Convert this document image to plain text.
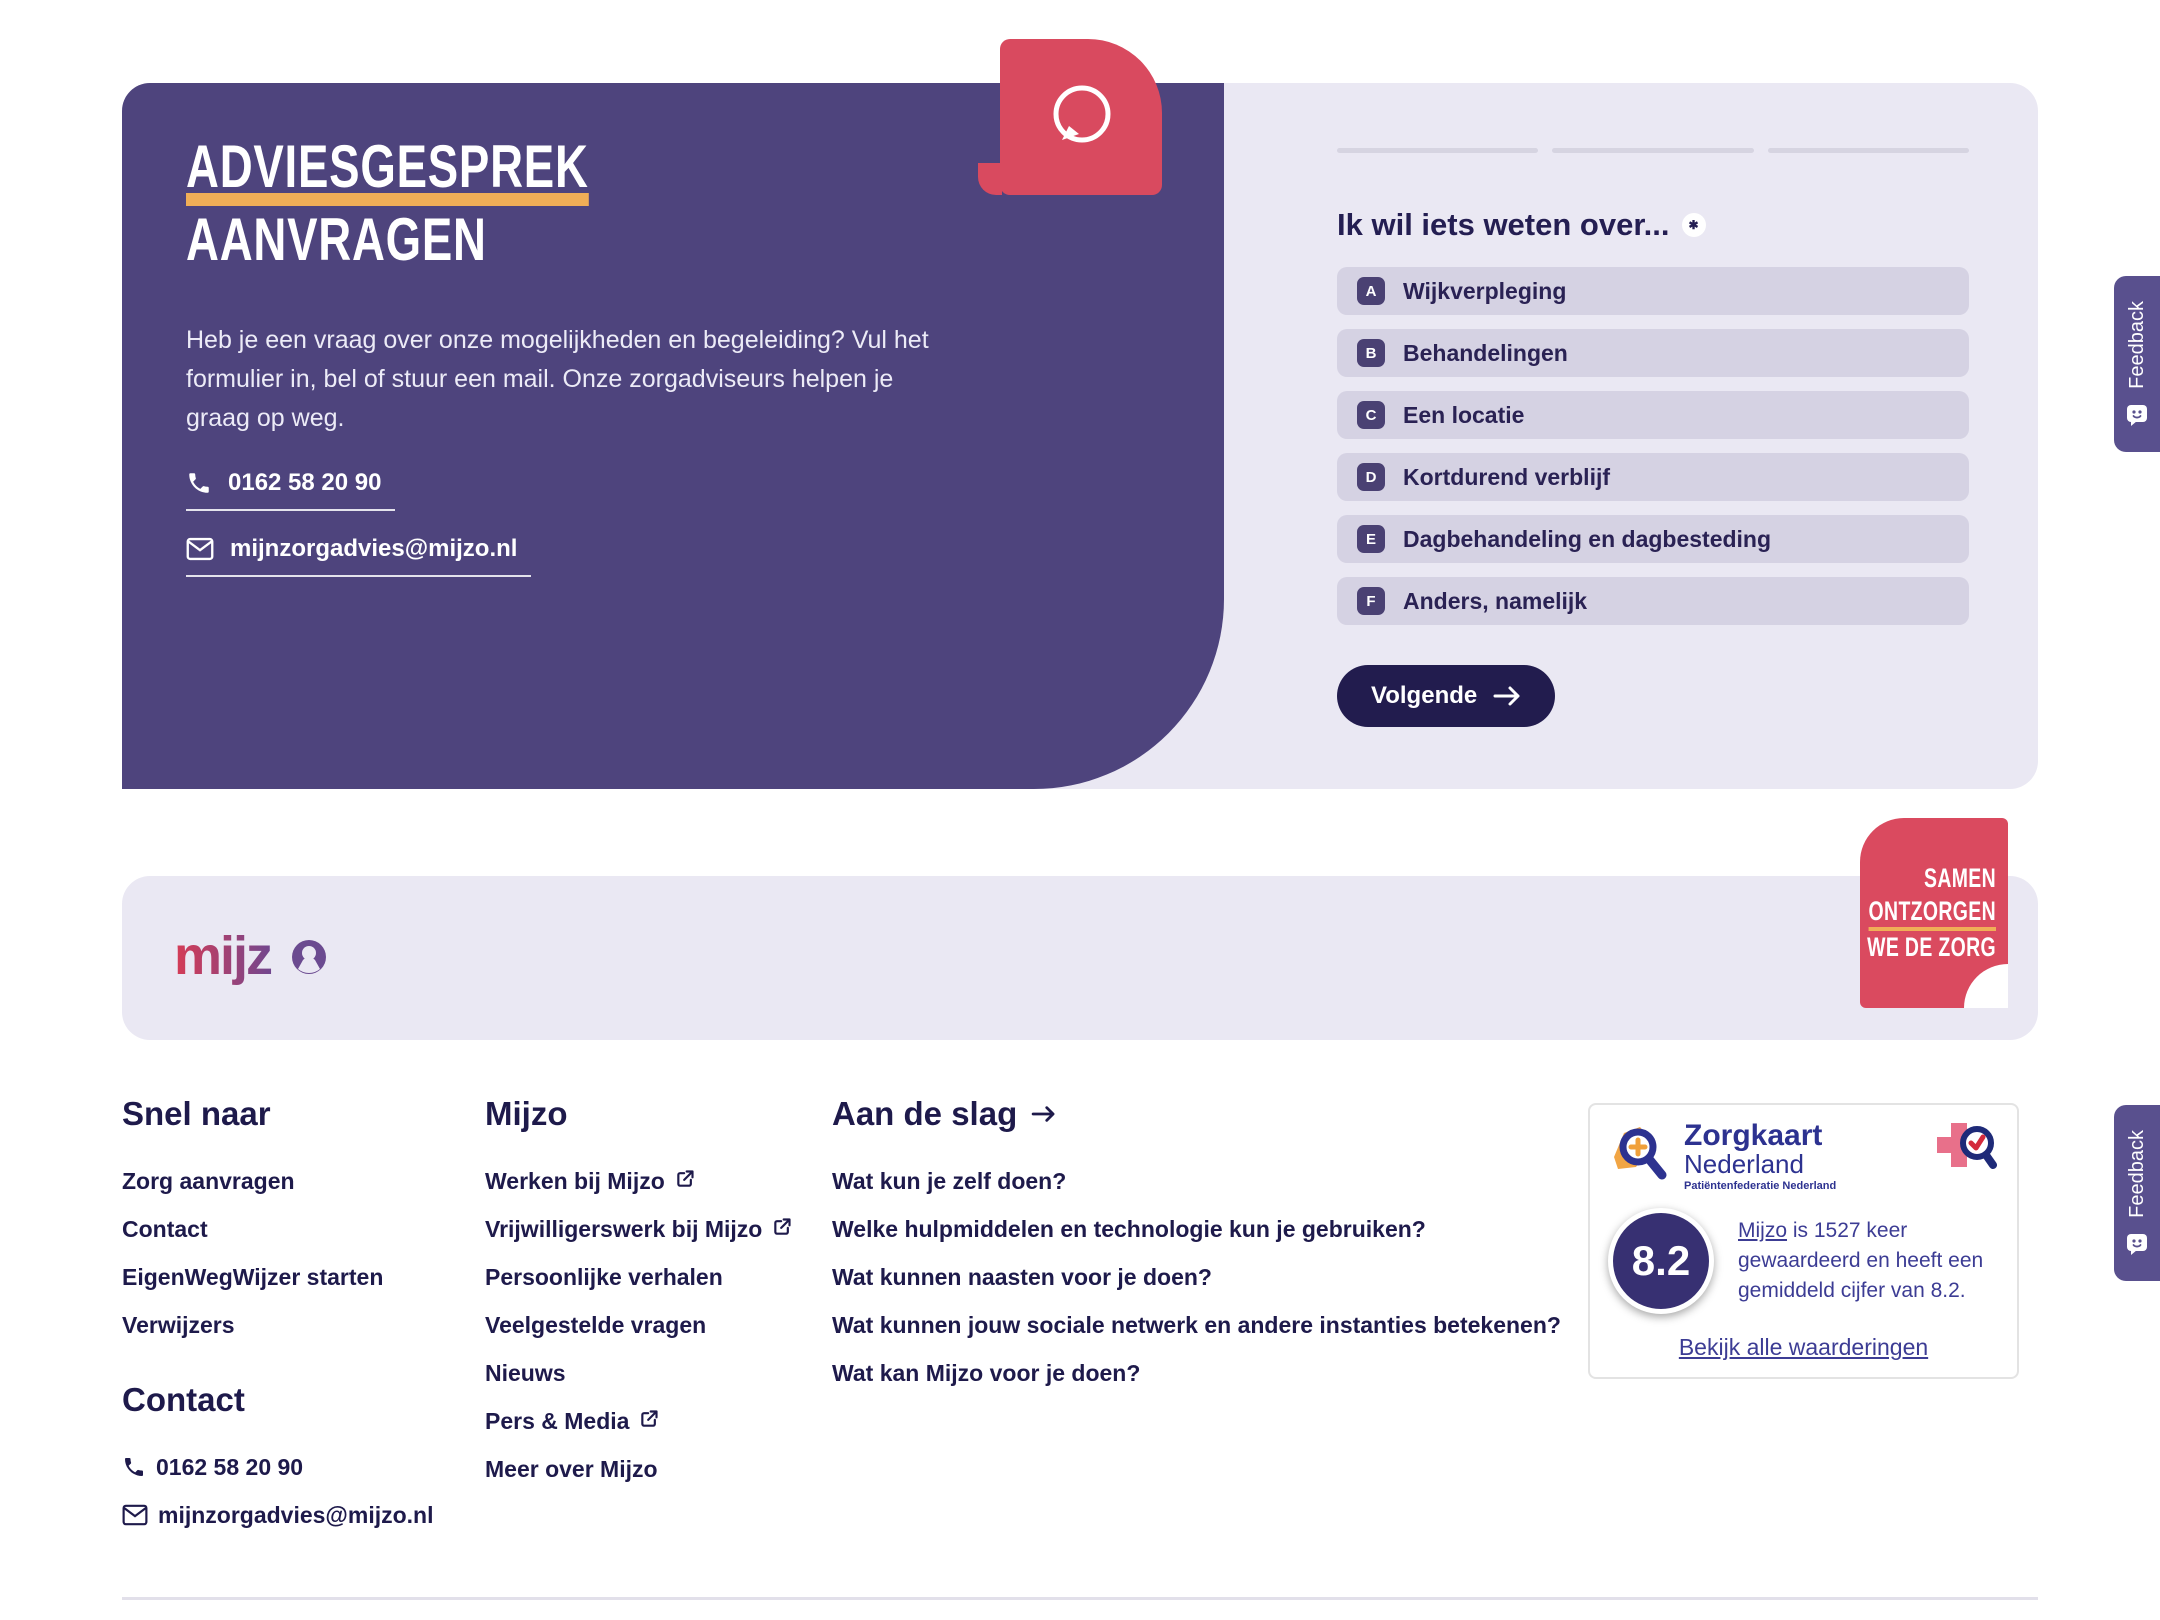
ADVIESGESPREK
AANVRAGEN

Heb je een vraag over onze mogelijkheden en begeleiding? Vul het formulier in, bel of stuur een mail. Onze zorgadviseurs helpen je graag op weg.

0162 58 20 90
mijnzorgadvies@mijzo.nl
Ik wil iets weten over...	✱
A	Wijkverpleging
B	Behandelingen
C	Een locatie
D	Kortdurend verblijf
E	Dagbehandeling en dagbesteding
F	Anders, namelijk
Volgende
Feedback
Feedback
mijz
SAMEN
ONTZORGEN
WE DE ZORG
Snel naar
Zorg aanvragen
Contact
EigenWegWijzer starten
Verwijzers
Contact
0162 58 20 90
mijnzorgadvies@mijzo.nl
Mijzo
Werken bij Mijzo
Vrijwilligerswerk bij Mijzo
Persoonlijke verhalen
Veelgestelde vragen
Nieuws
Pers & Media
Meer over Mijzo
Aan de slag
Wat kun je zelf doen?
Welke hulpmiddelen en technologie kun je gebruiken?
Wat kunnen naasten voor je doen?
Wat kunnen jouw sociale netwerk en andere instanties betekenen?
Wat kan Mijzo voor je doen?
Zorgkaart
Nederland
Patiëntenfederatie Nederland
8.2
Mijzo is 1527 keer gewaardeerd en heeft een gemiddeld cijfer van 8.2.
Bekijk alle waarderingen
